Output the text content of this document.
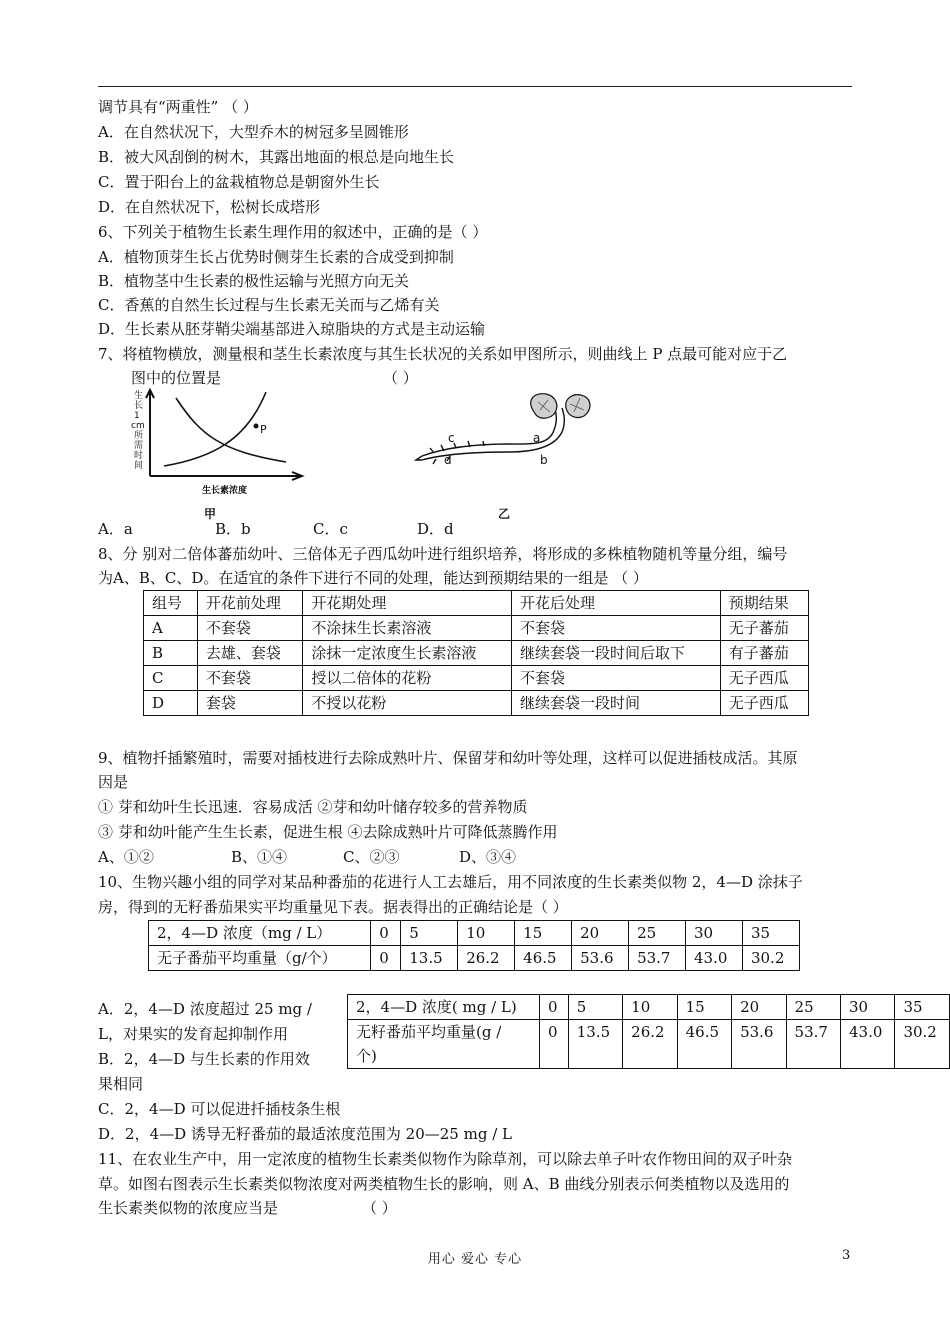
调节具有“两重性” （ ）
A．在自然状况下，大型乔木的树冠多呈圆锥形
B．被大风刮倒的树木，其露出地面的根总是向地生长
C．置于阳台上的盆栽植物总是朝窗外生长
D．在自然状况下，松树长成塔形
6、下列关于植物生长素生理作用的叙述中，正确的是（ ）
A．植物顶芽生长占优势时侧芽生长素的合成受到抑制
B．植物茎中生长素的极性运输与光照方向无关
C．香蕉的自然生长过程与生长素无关而与乙烯有关
D．生长素从胚芽鞘尖端基部进入琼脂块的方式是主动运输
7、将植物横放，测量根和茎生长素浓度与其生长状况的关系如甲图所示，则曲线上 P 点最可能对应于乙
图中的位置是	（ ）
生
长
1
cm
所
需
时
间
P
生长素浓度
甲
a
b
c
d
乙
A．a	B．b	C．c	D．d
8、分 别对二倍体蕃茄幼叶、三倍体无子西瓜幼叶进行组织培养，将形成的多株植物随机等量分组，编号
为A、B、C、D。在适宜的条件下进行不同的处理，能达到预期结果的一组是 （ ）
组号	开花前处理	开花期处理	开花后处理	预期结果
A	不套袋	不涂抹生长素溶液	不套袋	无子蕃茄
B	去雄、套袋	涂抹一定浓度生长素溶液	继续套袋一段时间后取下	有子蕃茄
C	不套袋	授以二倍体的花粉	不套袋	无子西瓜
D	套袋	不授以花粉	继续套袋一段时间	无子西瓜
9、植物扦插繁殖时，需要对插枝进行去除成熟叶片、保留芽和幼叶等处理，这样可以促进插枝成活。其原
因是
① 芽和幼叶生长迅速．容易成活 ②芽和幼叶储存较多的营养物质
③ 芽和幼叶能产生生长素，促进生根 ④去除成熟叶片可降低蒸腾作用
A、①②	B、①④	C、②③	D、③④
10、生物兴趣小组的同学对某品种番茄的花进行人工去雄后，用不同浓度的生长素类似物 2，4—D 涂抹子
房，得到的无籽番茄果实平均重量见下表。据表得出的正确结论是（ ）
2，4—D 浓度（mg / L）	0	5	10	15	20	25	30	35
无子番茄平均重量（g/个）	0	13.5	26.2	46.5	53.6	53.7	43.0	30.2
A．2，4—D 浓度超过 25 mg /
L，对果实的发育起抑制作用
B．2，4—D 与生长素的作用效
果相同
2，4—D 浓度( mg / L)	0	5	10	15	20	25	30	35

无籽番茄平均重量(g /
个)	0	13.5	26.2	46.5	53.6	53.7	43.0	30.2
C．2，4—D 可以促进扦插枝条生根
D．2，4—D 诱导无籽番茄的最适浓度范围为 20—25 mg / L
11、在农业生产中，用一定浓度的植物生长素类似物作为除草剂，可以除去单子叶农作物田间的双子叶杂
草。如图右图表示生长素类似物浓度对两类植物生长的影响，则 A、B 曲线分别表示何类植物以及选用的
生长素类似物的浓度应当是	（ ）
用心 爱心 专心	3
